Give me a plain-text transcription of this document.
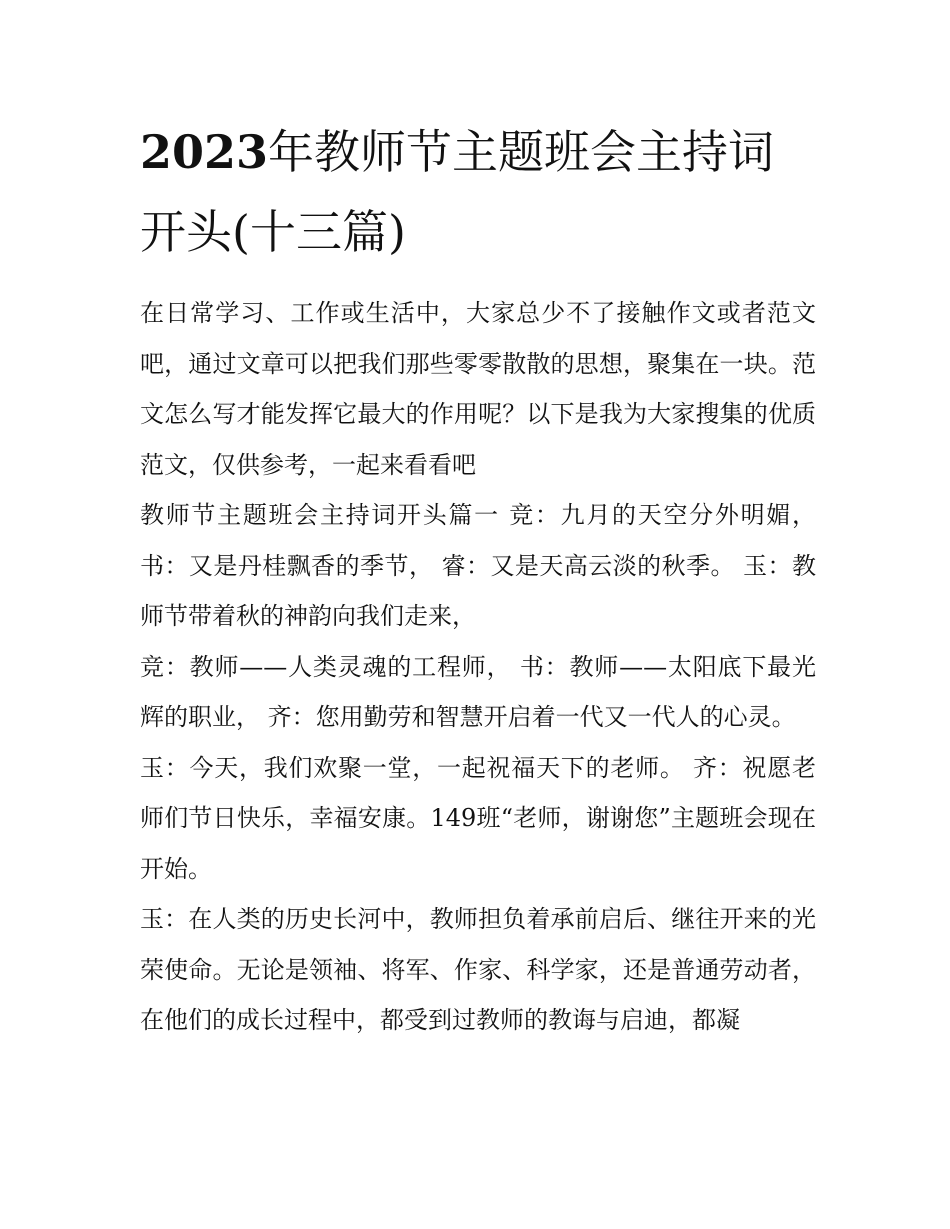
2023年教师节主题班会主持词开头(十三篇)

在日常学习、工作或生活中，大家总少不了接触作文或者范文吧，通过文章可以把我们那些零零散散的思想，聚集在一块。范文怎么写才能发挥它最大的作用呢？以下是我为大家搜集的优质范文，仅供参考，一起来看看吧

教师节主题班会主持词开头篇一 竞：九月的天空分外明媚， 书：又是丹桂飘香的季节， 睿：又是天高云淡的秋季。 玉：教师节带着秋的神韵向我们走来，

竞：教师——人类灵魂的工程师， 书：教师——太阳底下最光辉的职业， 齐：您用勤劳和智慧开启着一代又一代人的心灵。

玉：今天，我们欢聚一堂，一起祝福天下的老师。 齐：祝愿老师们节日快乐，幸福安康。149班“老师，谢谢您”主题班会现在开始。

玉：在人类的历史长河中，教师担负着承前启后、继往开来的光荣使命。无论是领袖、将军、作家、科学家，还是普通劳动者，在他们的成长过程中，都受到过教师的教诲与启迪，都凝
